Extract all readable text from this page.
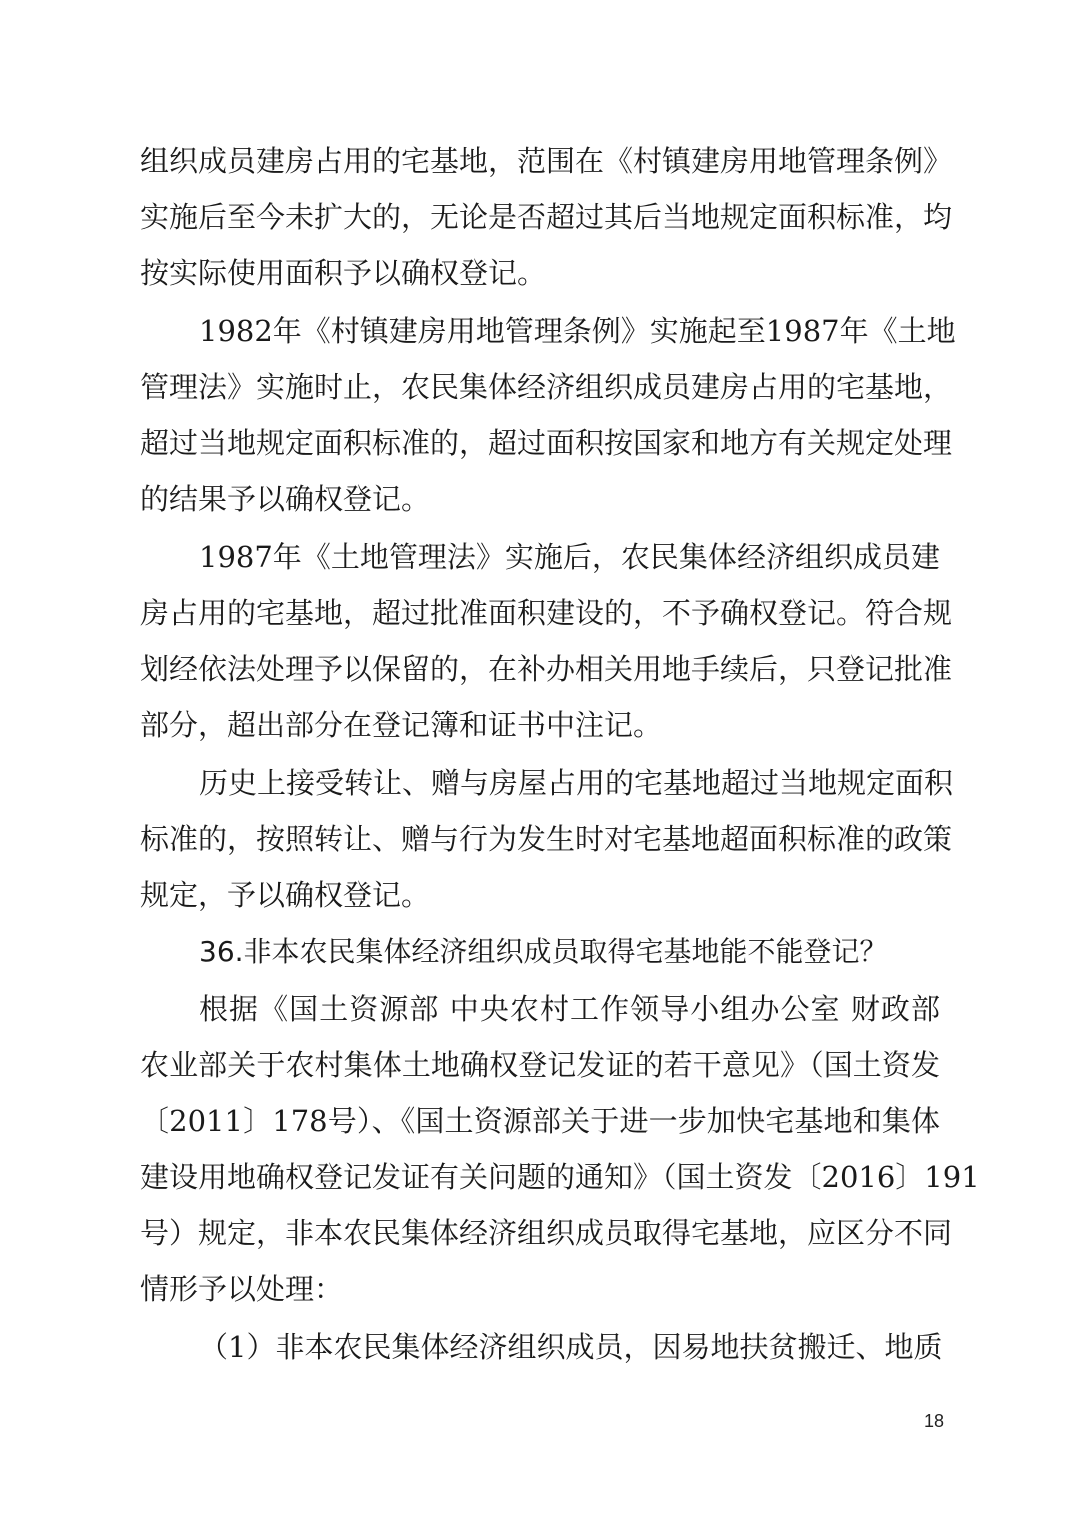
组织成员建房占用的宅基地，范围在《村镇建房用地管理条例》
实施后至今未扩大的，无论是否超过其后当地规定面积标准，均
按实际使用面积予以确权登记。
1982年《村镇建房用地管理条例》实施起至1987年《土地
管理法》实施时止，农民集体经济组织成员建房占用的宅基地，
超过当地规定面积标准的，超过面积按国家和地方有关规定处理
的结果予以确权登记。
1987年《土地管理法》实施后，农民集体经济组织成员建
房占用的宅基地，超过批准面积建设的，不予确权登记。符合规
划经依法处理予以保留的，在补办相关用地手续后，只登记批准
部分，超出部分在登记簿和证书中注记。
历史上接受转让、赠与房屋占用的宅基地超过当地规定面积
标准的，按照转让、赠与行为发生时对宅基地超面积标准的政策
规定，予以确权登记。
36.非本农民集体经济组织成员取得宅基地能不能登记？
根据《国土资源部 中央农村工作领导小组办公室 财政部
农业部关于农村集体土地确权登记发证的若干意见》（国土资发
〔2011〕178号）、《国土资源部关于进一步加快宅基地和集体
建设用地确权登记发证有关问题的通知》（国土资发〔2016〕191
号）规定，非本农民集体经济组织成员取得宅基地，应区分不同
情形予以处理：
（1）非本农民集体经济组织成员，因易地扶贫搬迁、地质
18
